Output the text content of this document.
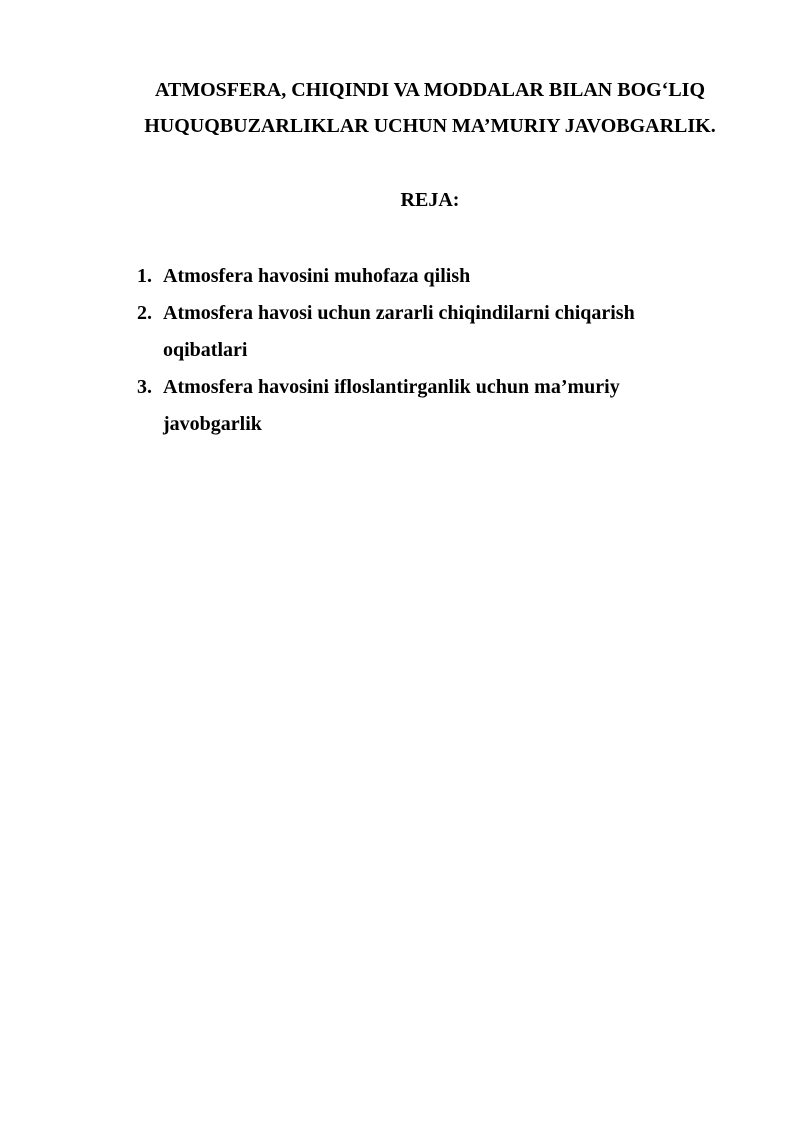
ATMOSFERA, CHIQINDI VA MODDALAR BILAN BOG‘LIQ
HUQUQBUZARLIKLAR UCHUN MA’MURIY JAVOBGARLIK.
REJA:
1. Atmosfera havosini muhofaza qilish
2. Atmosfera havosi uchun zararli chiqindilarni chiqarish oqibatlari
3. Atmosfera havosini ifloslantirganlik uchun ma’muriy javobgarlik
